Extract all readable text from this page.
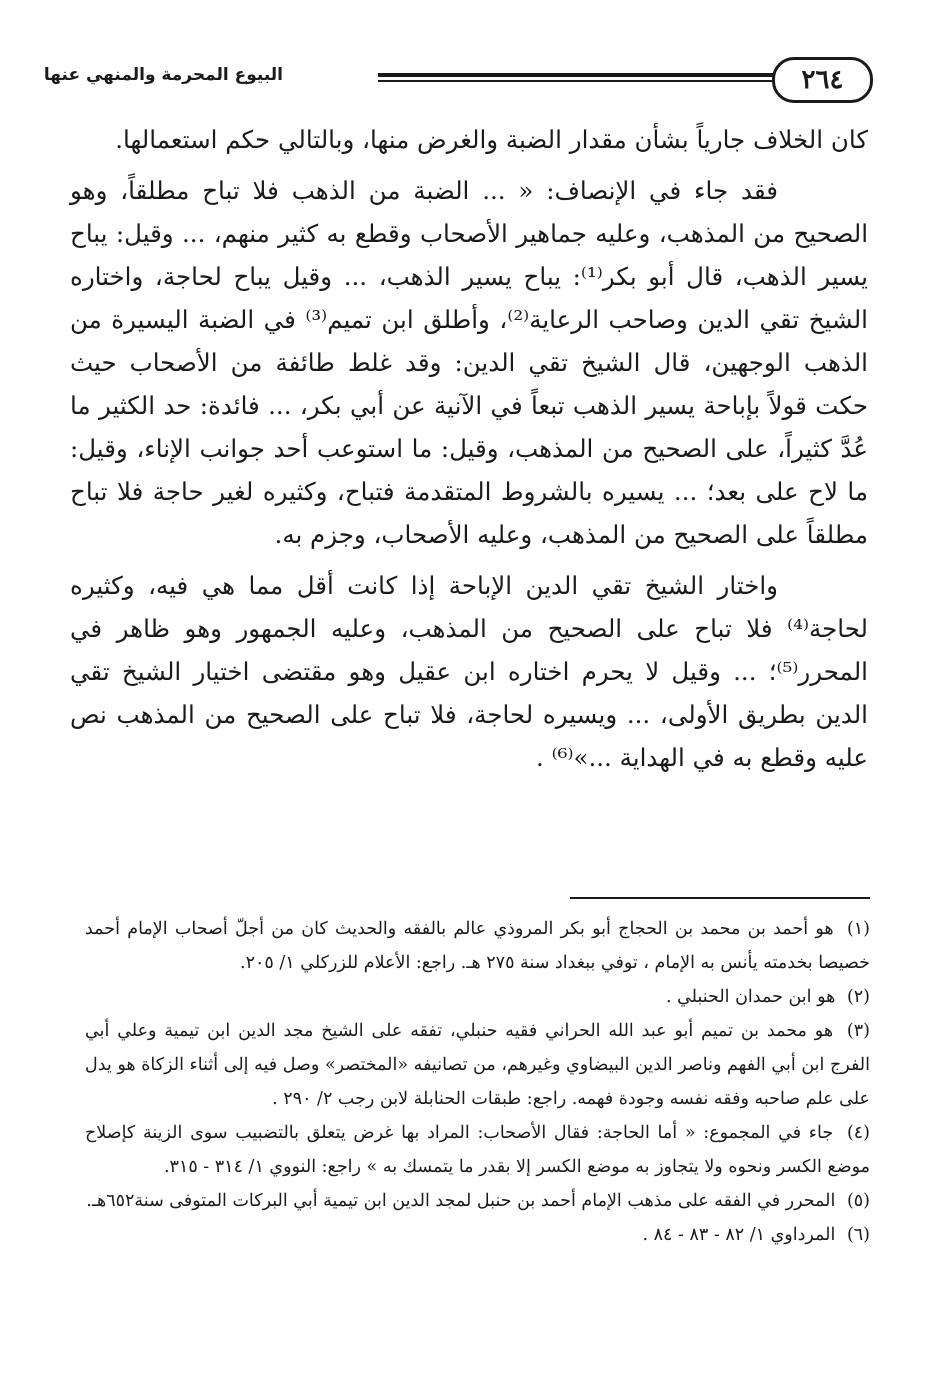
٢٦٤
البيوع المحرمة والمنهي عنها

كان الخلاف جارياً بشأن مقدار الضبة والغرض منها، وبالتالي حكم استعمالها.

فقد جاء في الإنصاف: « ... الضبة من الذهب فلا تباح مطلقاً، وهو الصحيح من المذهب، وعليه جماهير الأصحاب وقطع به كثير منهم، ... وقيل: يباح يسير الذهب، قال أبو بكر⁽¹⁾: يباح يسير الذهب، ... وقيل يباح لحاجة، واختاره الشيخ تقي الدين وصاحب الرعاية⁽²⁾، وأطلق ابن تميم⁽³⁾ في الضبة اليسيرة من الذهب الوجهين، قال الشيخ تقي الدين: وقد غلط طائفة من الأصحاب حيث حكت قولاً بإباحة يسير الذهب تبعاً في الآنية عن أبي بكر، ... فائدة: حد الكثير ما عُدَّ كثيراً، على الصحيح من المذهب، وقيل: ما استوعب أحد جوانب الإناء، وقيل: ما لاح على بعد؛ ... يسيره بالشروط المتقدمة فتباح، وكثيره لغير حاجة فلا تباح مطلقاً على الصحيح من المذهب، وعليه الأصحاب، وجزم به.

واختار الشيخ تقي الدين الإباحة إذا كانت أقل مما هي فيه، وكثيره لحاجة⁽⁴⁾ فلا تباح على الصحيح من المذهب، وعليه الجمهور وهو ظاهر في المحرر⁽⁵⁾؛ ... وقيل لا يحرم اختاره ابن عقيل وهو مقتضى اختيار الشيخ تقي الدين بطريق الأولى، ... ويسيره لحاجة، فلا تباح على الصحيح من المذهب نص عليه وقطع به في الهداية ...»⁽⁶⁾ .

(١) هو أحمد بن محمد بن الحجاج أبو بكر المروذي عالم بالفقه والحديث كان من أجلّ أصحاب الإمام أحمد خصيصا بخدمته يأنس به الإمام ، توفي ببغداد سنة ٢٧٥ هـ. راجع: الأعلام للزركلي ١/ ٢٠٥.

(٢) هو ابن حمدان الحنبلي .

(٣) هو محمد بن تميم أبو عبد الله الحراني فقيه حنبلي، تفقه على الشيخ مجد الدين ابن تيمية وعلي أبي الفرج ابن أبي الفهم وناصر الدين البيضاوي وغيرهم، من تصانيفه «المختصر» وصل فيه إلى أثناء الزكاة هو يدل على علم صاحبه وفقه نفسه وجودة فهمه. راجع: طبقات الحنابلة لابن رجب ٢/ ٢٩٠ .

(٤) جاء في المجموع: « أما الحاجة: فقال الأصحاب: المراد بها غرض يتعلق بالتضبيب سوى الزينة كإصلاح موضع الكسر ونحوه ولا يتجاوز به موضع الكسر إلا بقدر ما يتمسك به » راجع: النووي ١/ ٣١٤ - ٣١٥.

(٥) المحرر في الفقه على مذهب الإمام أحمد بن حنبل لمجد الدين ابن تيمية أبي البركات المتوفى سنة٦٥٢هـ.

(٦) المرداوي ١/ ٨٢ - ٨٣ - ٨٤ .
